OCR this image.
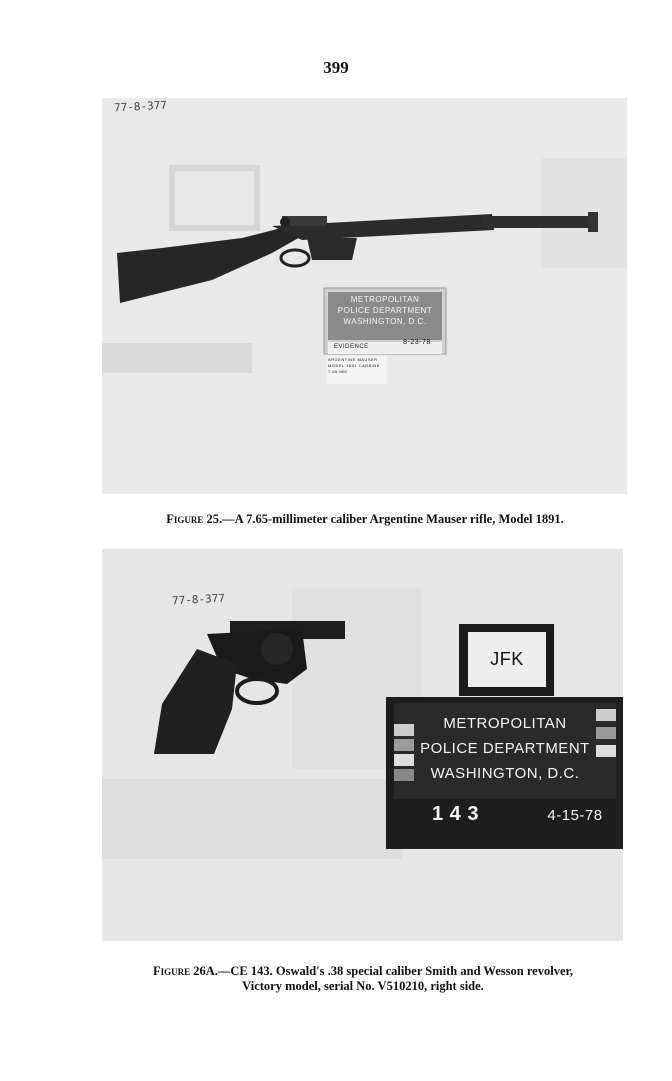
399
77-8-377
METROPOLITAN
POLICE DEPARTMENT
WASHINGTON, D.C.
EVIDENCE
8-23-78
ARGENTINE MAUSER
MODEL 1891 CARBINE
7.65 MM
Figure 25.—A 7.65-millimeter caliber Argentine Mauser rifle, Model 1891.
77-8-377
JFK
METROPOLITAN
POLICE DEPARTMENT
WASHINGTON, D.C.
1 4 3	4-15-78
Figure 26A.—CE 143. Oswald's .38 special caliber Smith and Wesson revolver,
Victory model, serial No. V510210, right side.
